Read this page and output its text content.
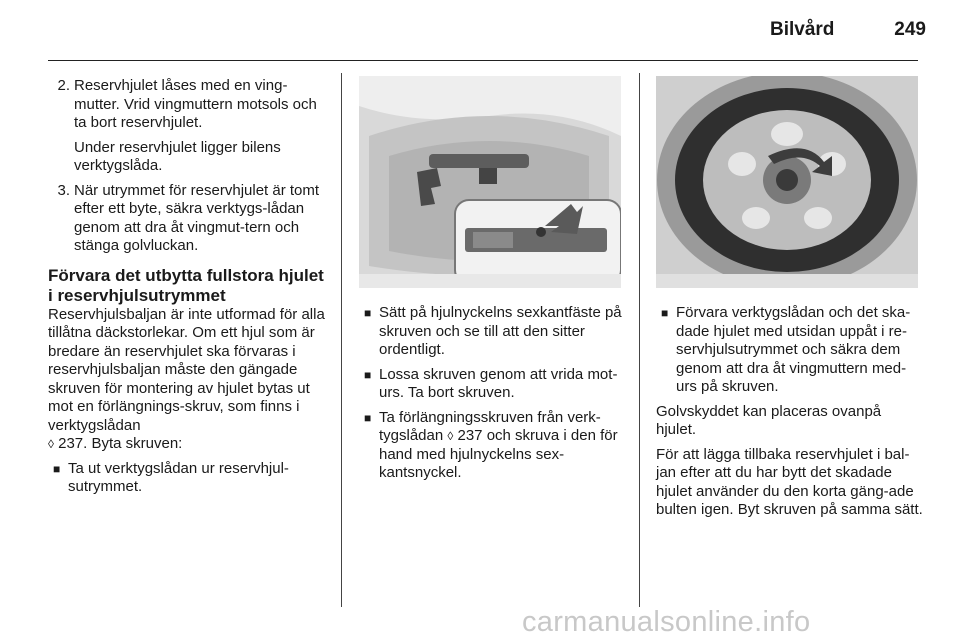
Bilvård	249
2. Reservhjulet låses med en ving-mutter. Vrid vingmuttern motsols och ta bort reservhjulet.
Under reservhjulet ligger bilens verktygslåda.
3. När utrymmet för reservhjulet är tomt efter ett byte, säkra verktygs-lådan genom att dra åt vingmut-tern och stänga golvluckan.
Förvara det utbytta fullstora hjulet i reservhjulsutrymmet

Reservhjulsbaljan är inte utformad för alla tillåtna däckstorlekar. Om ett hjul som är bredare än reservhjulet ska förvaras i reservhjulsbaljan måste den gängade skruven för montering av hjulet bytas ut mot en förlängnings-skruv, som finns i verktygslådan
◊ 237. Byta skruven:

■ Ta ut verktygslådan ur reservhjul-sutrymmet.
■ Sätt på hjulnyckelns sexkantfäste på skruven och se till att den sitter ordentligt.
■ Lossa skruven genom att vrida mot-urs. Ta bort skruven.
■ Ta förlängningsskruven från verk-tygslådan ◊ 237 och skruva i den för hand med hjulnyckelns sex-kantsnyckel.
■ Förvara verktygslådan och det ska-dade hjulet med utsidan uppåt i re-servhjulsutrymmet och säkra dem genom att dra åt vingmuttern med-urs på skruven.

Golvskyddet kan placeras ovanpå hjulet.

För att lägga tillbaka reservhjulet i bal-jan efter att du har bytt det skadade hjulet använder du den korta gäng-ade bulten igen. Byt skruven på samma sätt.

carmanualsonline.info
